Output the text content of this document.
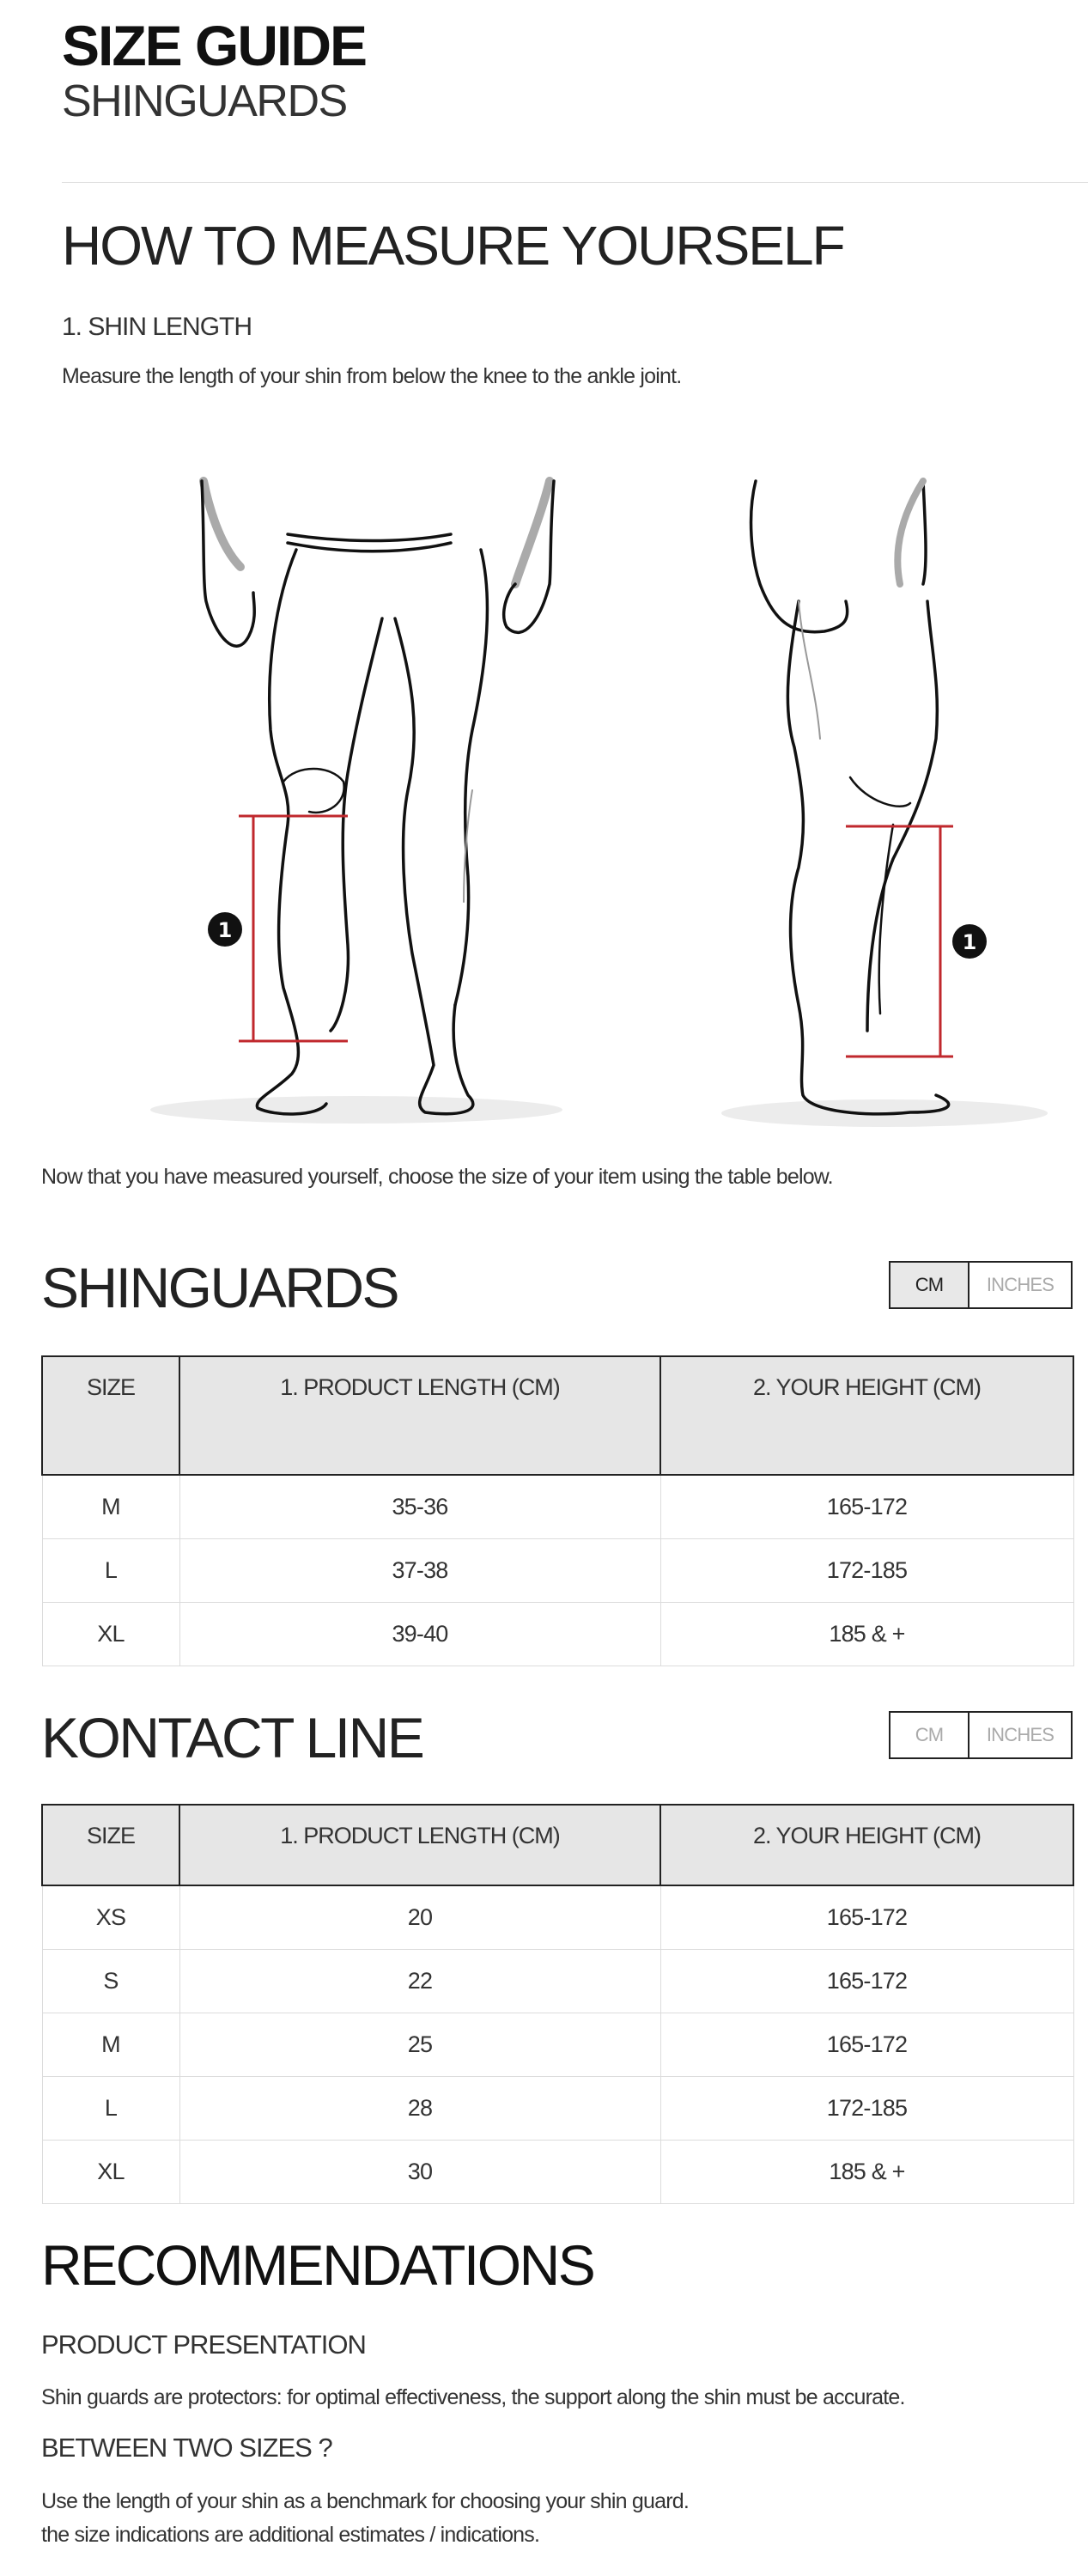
SIZE GUIDE
SHINGUARDS
HOW TO MEASURE YOURSELF
1. SHIN LENGTH
Measure the length of your shin from below the knee to the ankle joint.
1	1
Now that you have measured yourself, choose the size of your item using the table below.
SHINGUARDS	CM	INCHES
SIZE	1. PRODUCT LENGTH (CM)	2. YOUR HEIGHT (CM)
M	35-36	165-172
L	37-38	172-185
XL	39-40	185 & +
KONTACT LINE	CM	INCHES
SIZE	1. PRODUCT LENGTH (CM)	2. YOUR HEIGHT (CM)
XS	20	165-172
S	22	165-172
M	25	165-172
L	28	172-185
XL	30	185 & +
RECOMMENDATIONS
PRODUCT PRESENTATION
Shin guards are protectors: for optimal effectiveness, the support along the shin must be accurate.
BETWEEN TWO SIZES ?
Use the length of your shin as a benchmark for choosing your shin guard.
the size indications are additional estimates / indications.
